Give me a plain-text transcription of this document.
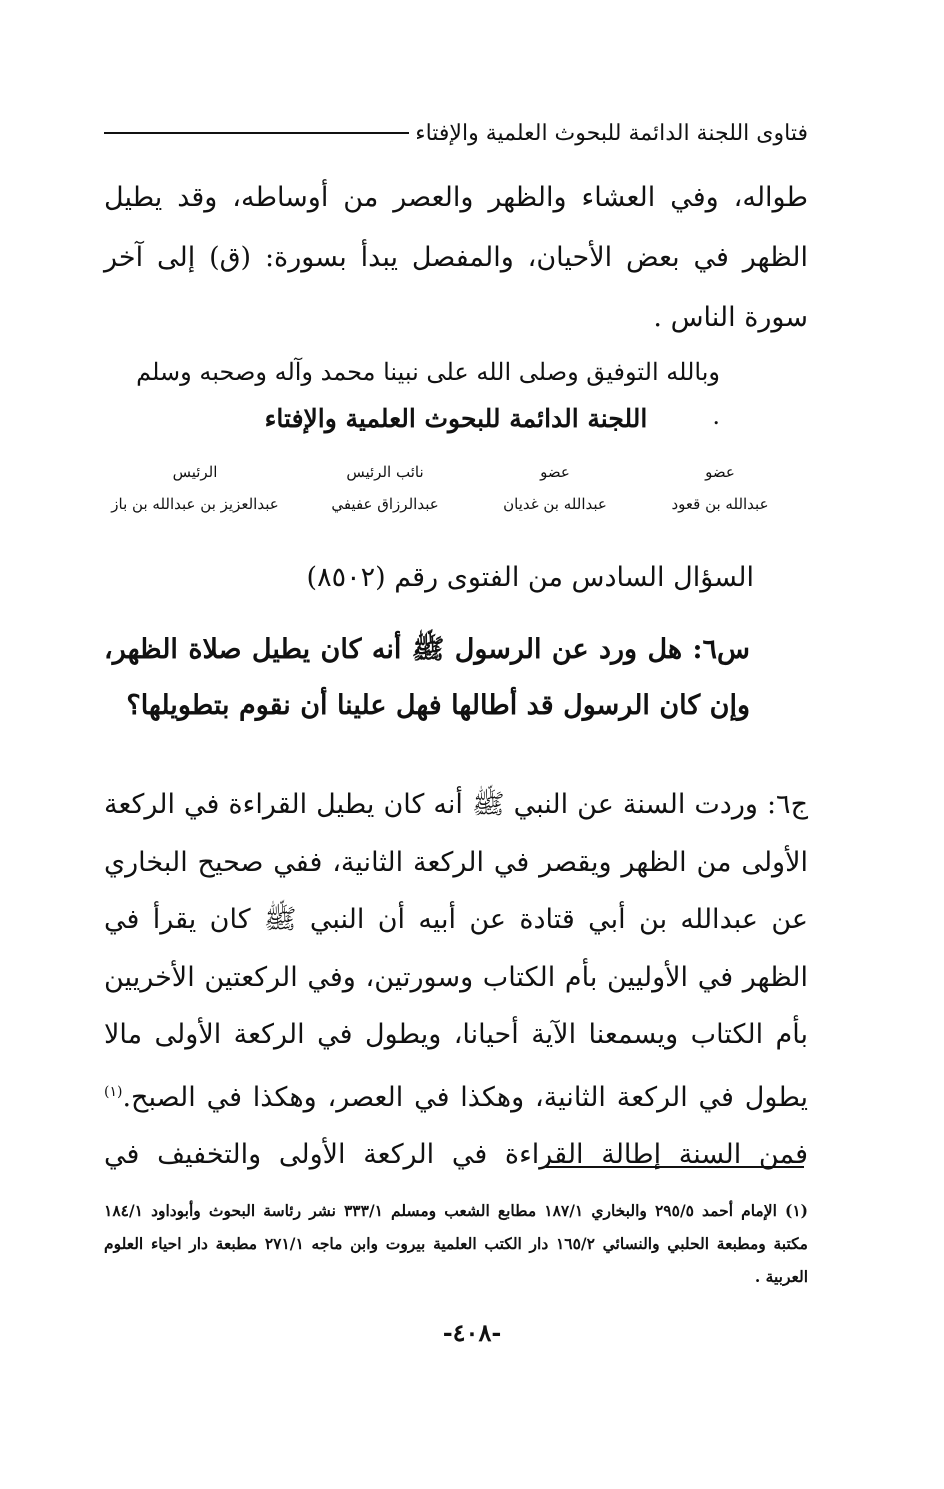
فتاوى اللجنة الدائمة للبحوث العلمية والإفتاء
طواله، وفي العشاء والظهر والعصر من أوساطه، وقد يطيل الظهر في بعض الأحيان، والمفصل يبدأ بسورة: (ق) إلى آخر سورة الناس .
وبالله التوفيق وصلى الله على نبينا محمد وآله وصحبه وسلم .
اللجنة الدائمة للبحوث العلمية والإفتاء
عضو
عبدالله بن قعود
عضو
عبدالله بن غديان
نائب الرئيس
عبدالرزاق عفيفي
الرئيس
عبدالعزيز بن عبدالله بن باز
السؤال السادس من الفتوى رقم (٨٥٠٢)
س٦: هل ورد عن الرسول ﷺ أنه كان يطيل صلاة الظهر، وإن كان الرسول قد أطالها فهل علينا أن نقوم بتطويلها؟
ج٦: وردت السنة عن النبي ﷺ أنه كان يطيل القراءة في الركعة الأولى من الظهر ويقصر في الركعة الثانية، ففي صحيح البخاري عن عبدالله بن أبي قتادة عن أبيه أن النبي ﷺ كان يقرأ في الظهر في الأوليين بأم الكتاب وسورتين، وفي الركعتين الأخريين بأم الكتاب ويسمعنا الآية أحيانا، ويطول في الركعة الأولى مالا يطول في الركعة الثانية، وهكذا في العصر، وهكذا في الصبح.$^{(١)}$ فمن السنة إطالة القراءة في الركعة الأولى والتخفيف في
(١) الإمام أحمد ٢٩٥/٥ والبخاري ١٨٧/١ مطابع الشعب ومسلم ٣٣٣/١ نشر رئاسة البحوث وأبوداود ١٨٤/١ مكتبة ومطبعة الحلبي والنسائي ١٦٥/٢ دار الكتب العلمية بيروت وابن ماجه ٢٧١/١ مطبعة دار احياء العلوم العربية .
-٤٠٨-
